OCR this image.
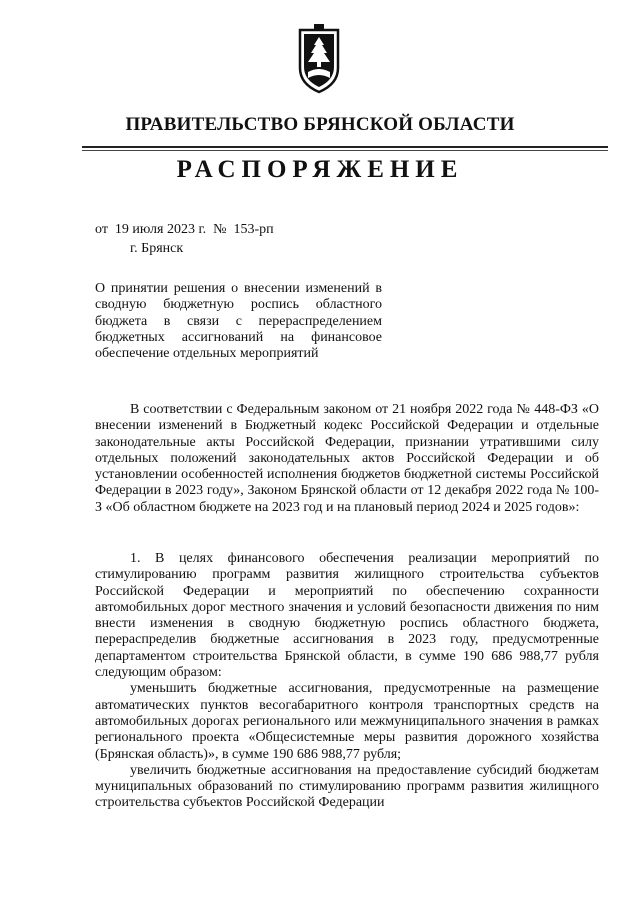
ПРАВИТЕЛЬСТВО БРЯНСКОЙ ОБЛАСТИ
РАСПОРЯЖЕНИЕ
от  19 июля 2023 г.  №  153-рп
г. Брянск
О принятии решения о внесении изменений в сводную бюджетную роспись областного бюджета в связи с перераспределением бюджетных ассигнований на финансовое обеспечение отдельных мероприятий

В соответствии с Федеральным законом от 21 ноября 2022 года № 448-ФЗ «О внесении изменений в Бюджетный кодекс Российской Федерации и отдельные законодательные акты Российской Федерации, признании утратившими силу отдельных положений законодательных актов Российской Федерации и об установлении особенностей исполнения бюджетов бюджетной системы Российской Федерации в 2023 году», Законом Брянской области от 12 декабря 2022 года № 100-З «Об областном бюджете на 2023 год и на плановый период 2024 и 2025 годов»:

1. В целях финансового обеспечения реализации мероприятий по стимулированию программ развития жилищного строительства субъектов Российской Федерации и мероприятий по обеспечению сохранности автомобильных дорог местного значения и условий безопасности движения по ним внести изменения в сводную бюджетную роспись областного бюджета, перераспределив бюджетные ассигнования в 2023 году, предусмотренные департаментом строительства Брянской области, в сумме 190 686 988,77 рубля следующим образом:

уменьшить бюджетные ассигнования, предусмотренные на размещение автоматических пунктов весогабаритного контроля транспортных средств на автомобильных дорогах регионального или межмуниципального значения в рамках регионального проекта «Общесистемные меры развития дорожного хозяйства (Брянская область)», в сумме 190 686 988,77 рубля;

увеличить бюджетные ассигнования на предоставление субсидий бюджетам муниципальных образований по стимулированию программ развития жилищного строительства субъектов Российской Федерации
